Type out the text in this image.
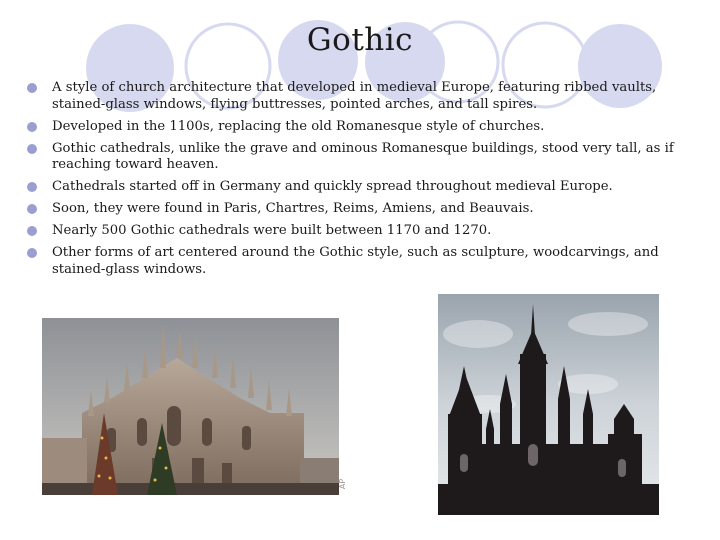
Gothic
A style of church architecture that developed in medieval Europe, featuring ribbed vaults, stained-glass windows, flying buttresses, pointed arches, and tall spires.
Developed in the 1100s, replacing the old Romanesque style of churches.
Gothic cathedrals, unlike the grave and ominous Romanesque buildings, stood very tall, as if reaching toward heaven.
Cathedrals started off in Germany and quickly spread throughout medieval Europe.
Soon, they were found in Paris, Chartres, Reims, Amiens, and Beauvais.
Nearly 500 Gothic cathedrals were built between 1170 and 1270.
Other forms of art centered around the Gothic style, such as sculpture, woodcarvings, and stained-glass windows.
AP
